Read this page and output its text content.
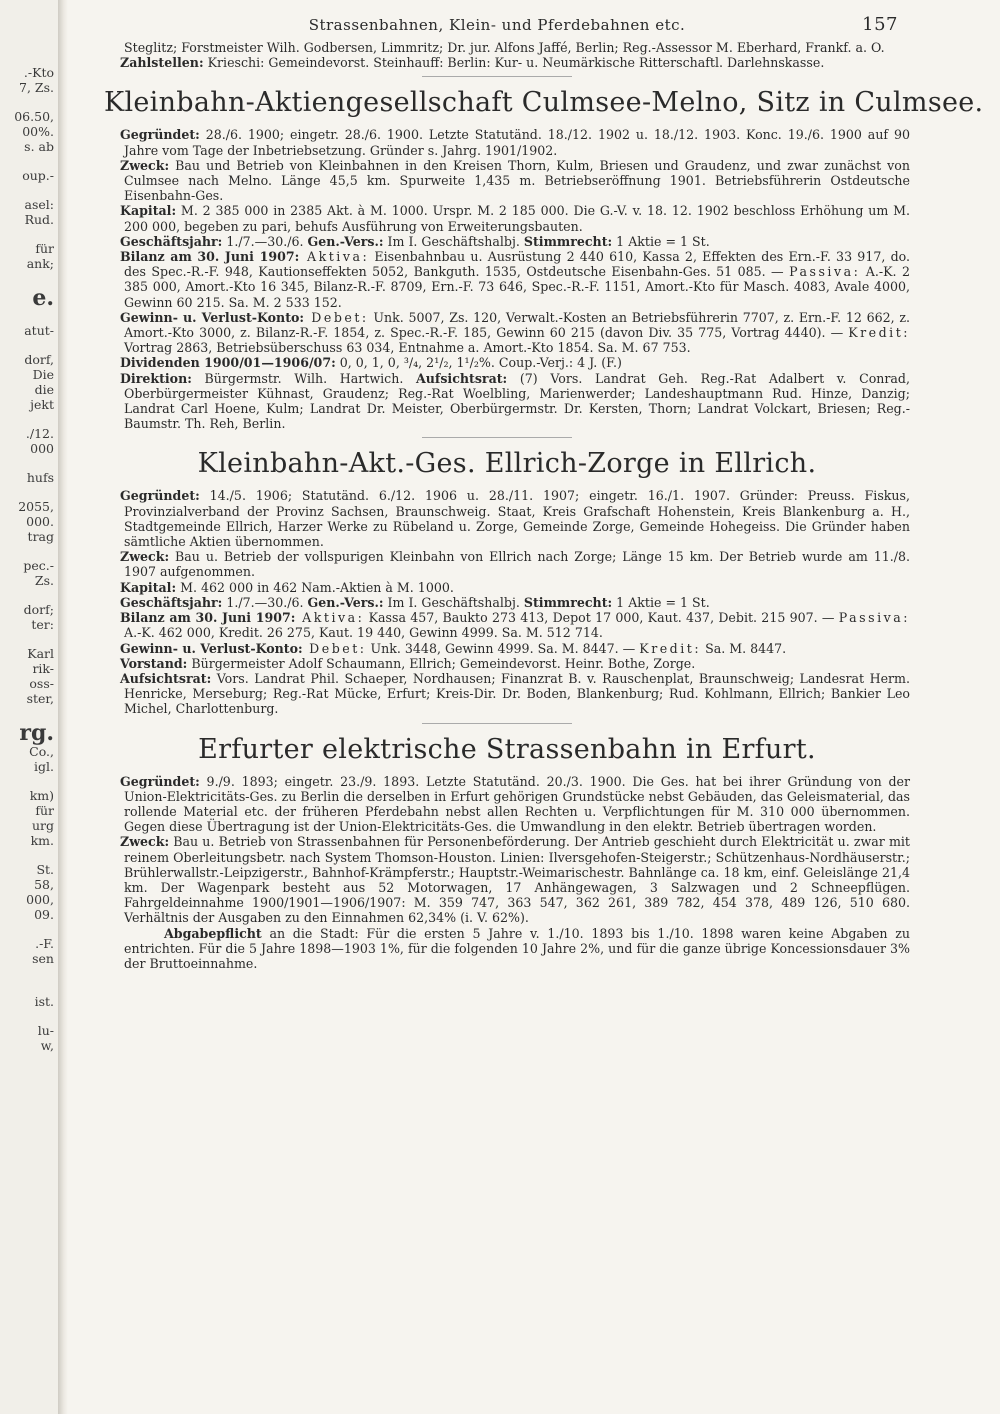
.-Kto
7, Zs.
06.50,
00%.
s. ab
oup.-
asel:
Rud.
für
ank;
e.
atut-
dorf,
Die
die
jekt
./12.
000
hufs
2055,
000.
trag
pec.-
Zs.
dorf;
ter:
Karl
rik-
oss-
ster,
rg.
Co.,
igl.
km)
für
urg
km.
St.
58,
000,
09.
.-F.
sen
ist.
lu-
w,
Strassenbahnen, Klein- und Pferdebahnen etc.	157

Steglitz; Forstmeister Wilh. Godbersen, Limmritz; Dr. jur. Alfons Jaffé, Berlin; Reg.-Assessor M. Eberhard, Frankf. a. O.

Zahlstellen: Krieschi: Gemeindevorst. Steinhauff: Berlin: Kur- u. Neumärkische Ritterschaftl. Darlehnskasse.

Kleinbahn-Aktiengesellschaft Culmsee-Melno, Sitz in Culmsee.

Gegründet: 28./6. 1900; eingetr. 28./6. 1900. Letzte Statutänd. 18./12. 1902 u. 18./12. 1903. Konc. 19./6. 1900 auf 90 Jahre vom Tage der Inbetriebsetzung. Gründer s. Jahrg. 1901/1902.

Zweck: Bau und Betrieb von Kleinbahnen in den Kreisen Thorn, Kulm, Briesen und Graudenz, und zwar zunächst von Culmsee nach Melno. Länge 45,5 km. Spurweite 1,435 m. Betriebseröffnung 1901. Betriebsführerin Ostdeutsche Eisenbahn-Ges.

Kapital: M. 2 385 000 in 2385 Akt. à M. 1000. Urspr. M. 2 185 000. Die G.-V. v. 18. 12. 1902 beschloss Erhöhung um M. 200 000, begeben zu pari, behufs Ausführung von Erweiterungsbauten.

Geschäftsjahr: 1./7.—30./6. Gen.-Vers.: Im I. Geschäftshalbj. Stimmrecht: 1 Aktie = 1 St.

Bilanz am 30. Juni 1907: Aktiva: Eisenbahnbau u. Ausrüstung 2 440 610, Kassa 2, Effekten des Ern.-F. 33 917, do. des Spec.-R.-F. 948, Kautionseffekten 5052, Bankguth. 1535, Ostdeutsche Eisenbahn-Ges. 51 085. — Passiva: A.-K. 2 385 000, Amort.-Kto 16 345, Bilanz-R.-F. 8709, Ern.-F. 73 646, Spec.-R.-F. 1151, Amort.-Kto für Masch. 4083, Avale 4000, Gewinn 60 215. Sa. M. 2 533 152.

Gewinn- u. Verlust-Konto: Debet: Unk. 5007, Zs. 120, Verwalt.-Kosten an Betriebsführerin 7707, z. Ern.-F. 12 662, z. Amort.-Kto 3000, z. Bilanz-R.-F. 1854, z. Spec.-R.-F. 185, Gewinn 60 215 (davon Div. 35 775, Vortrag 4440). — Kredit: Vortrag 2863, Betriebsüberschuss 63 034, Entnahme a. Amort.-Kto 1854. Sa. M. 67 753.

Dividenden 1900/01—1906/07: 0, 0, 1, 0, ³/₄, 2¹/₂, 1¹/₂%. Coup.-Verj.: 4 J. (F.)

Direktion: Bürgermstr. Wilh. Hartwich. Aufsichtsrat: (7) Vors. Landrat Geh. Reg.-Rat Adalbert v. Conrad, Oberbürgermeister Kühnast, Graudenz; Reg.-Rat Woelbling, Marienwerder; Landeshauptmann Rud. Hinze, Danzig; Landrat Carl Hoene, Kulm; Landrat Dr. Meister, Oberbürgermstr. Dr. Kersten, Thorn; Landrat Volckart, Briesen; Reg.-Baumstr. Th. Reh, Berlin.

Kleinbahn-Akt.-Ges. Ellrich-Zorge in Ellrich.

Gegründet: 14./5. 1906; Statutänd. 6./12. 1906 u. 28./11. 1907; eingetr. 16./1. 1907. Gründer: Preuss. Fiskus, Provinzialverband der Provinz Sachsen, Braunschweig. Staat, Kreis Grafschaft Hohenstein, Kreis Blankenburg a. H., Stadtgemeinde Ellrich, Harzer Werke zu Rübeland u. Zorge, Gemeinde Zorge, Gemeinde Hohegeiss. Die Gründer haben sämtliche Aktien übernommen.

Zweck: Bau u. Betrieb der vollspurigen Kleinbahn von Ellrich nach Zorge; Länge 15 km. Der Betrieb wurde am 11./8. 1907 aufgenommen.

Kapital: M. 462 000 in 462 Nam.-Aktien à M. 1000.

Geschäftsjahr: 1./7.—30./6. Gen.-Vers.: Im I. Geschäftshalbj. Stimmrecht: 1 Aktie = 1 St.

Bilanz am 30. Juni 1907: Aktiva: Kassa 457, Baukto 273 413, Depot 17 000, Kaut. 437, Debit. 215 907. — Passiva: A.-K. 462 000, Kredit. 26 275, Kaut. 19 440, Gewinn 4999. Sa. M. 512 714.

Gewinn- u. Verlust-Konto: Debet: Unk. 3448, Gewinn 4999. Sa. M. 8447. — Kredit: Sa. M. 8447.

Vorstand: Bürgermeister Adolf Schaumann, Ellrich; Gemeindevorst. Heinr. Bothe, Zorge.

Aufsichtsrat: Vors. Landrat Phil. Schaeper, Nordhausen; Finanzrat B. v. Rauschenplat, Braunschweig; Landesrat Herm. Henricke, Merseburg; Reg.-Rat Mücke, Erfurt; Kreis-Dir. Dr. Boden, Blankenburg; Rud. Kohlmann, Ellrich; Bankier Leo Michel, Charlottenburg.

Erfurter elektrische Strassenbahn in Erfurt.

Gegründet: 9./9. 1893; eingetr. 23./9. 1893. Letzte Statutänd. 20./3. 1900. Die Ges. hat bei ihrer Gründung von der Union-Elektricitäts-Ges. zu Berlin die derselben in Erfurt gehörigen Grundstücke nebst Gebäuden, das Geleismaterial, das rollende Material etc. der früheren Pferdebahn nebst allen Rechten u. Verpflichtungen für M. 310 000 übernommen. Gegen diese Übertragung ist der Union-Elektricitäts-Ges. die Umwandlung in den elektr. Betrieb übertragen worden.

Zweck: Bau u. Betrieb von Strassenbahnen für Personenbeförderung. Der Antrieb geschieht durch Elektricität u. zwar mit reinem Oberleitungsbetr. nach System Thomson-Houston. Linien: Ilversgehofen-Steigerstr.; Schützenhaus-Nordhäuserstr.; Brühlerwallstr.-Leipzigerstr., Bahnhof-Krämpferstr.; Hauptstr.-Weimarischestr. Bahnlänge ca. 18 km, einf. Geleislänge 21,4 km. Der Wagenpark besteht aus 52 Motorwagen, 17 Anhängewagen, 3 Salzwagen und 2 Schneepflügen. Fahrgeldeinnahme 1900/1901—1906/1907: M. 359 747, 363 547, 362 261, 389 782, 454 378, 489 126, 510 680. Verhältnis der Ausgaben zu den Einnahmen 62,34% (i. V. 62%).

Abgabepflicht an die Stadt: Für die ersten 5 Jahre v. 1./10. 1893 bis 1./10. 1898 waren keine Abgaben zu entrichten. Für die 5 Jahre 1898—1903 1%, für die folgenden 10 Jahre 2%, und für die ganze übrige Koncessionsdauer 3% der Bruttoeinnahme.
